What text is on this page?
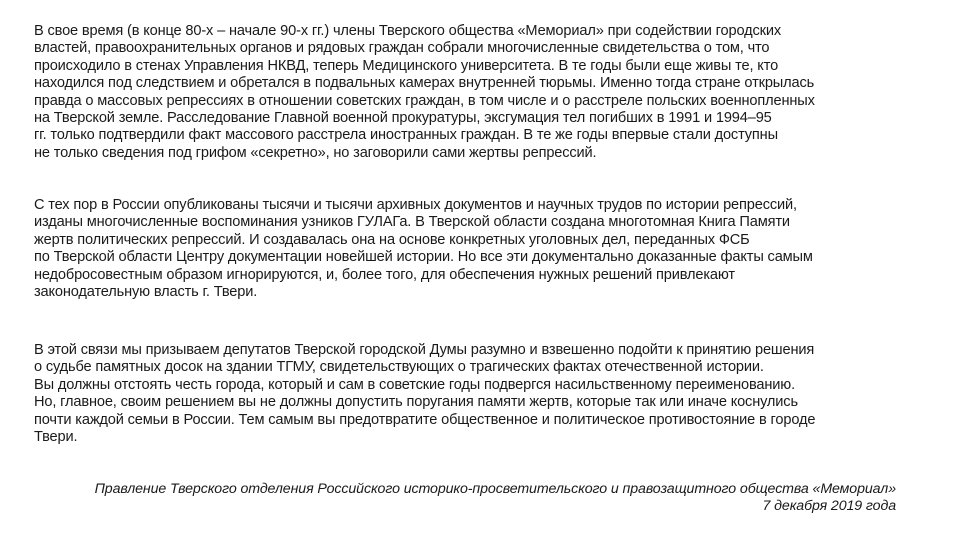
В свое время (в конце 80-х – начале 90-х гг.) члены Тверского общества «Мемориал» при содействии городских
властей, правоохранительных органов и рядовых граждан собрали многочисленные свидетельства о том, что
происходило в стенах Управления НКВД, теперь Медицинского университета. В те годы были еще живы те, кто
находился под следствием и обретался в подвальных камерах внутренней тюрьмы. Именно тогда стране открылась
правда о массовых репрессиях в отношении советских граждан, в том числе и о расстреле польских военнопленных
на Тверской земле. Расследование Главной военной прокуратуры, эксгумация тел погибших в 1991 и 1994–95
гг. только подтвердили факт массового расстрела иностранных граждан. В те же годы впервые стали доступны
не только сведения под грифом «секретно», но заговорили сами жертвы репрессий.

С тех пор в России опубликованы тысячи и тысячи архивных документов и научных трудов по истории репрессий,
изданы многочисленные воспоминания узников ГУЛАГа. В Тверской области создана многотомная Книга Памяти
жертв политических репрессий. И создавалась она на основе конкретных уголовных дел, переданных ФСБ
по Тверской области Центру документации новейшей истории. Но все эти документально доказанные факты самым
недобросовестным образом игнорируются, и, более того, для обеспечения нужных решений привлекают
законодательную власть г. Твери.

В этой связи мы призываем депутатов Тверской городской Думы разумно и взвешенно подойти к принятию решения
о судьбе памятных досок на здании ТГМУ, свидетельствующих о трагических фактах отечественной истории.
Вы должны отстоять честь города, который и сам в советские годы подвергся насильственному переименованию.
Но, главное, своим решением вы не должны допустить поругания памяти жертв, которые так или иначе коснулись
почти каждой семьи в России. Тем самым вы предотвратите общественное и политическое противостояние в городе
Твери.

Правление Тверского отделения Российского историко-просветительского и правозащитного общества «Мемориал»
7 декабря 2019 года
